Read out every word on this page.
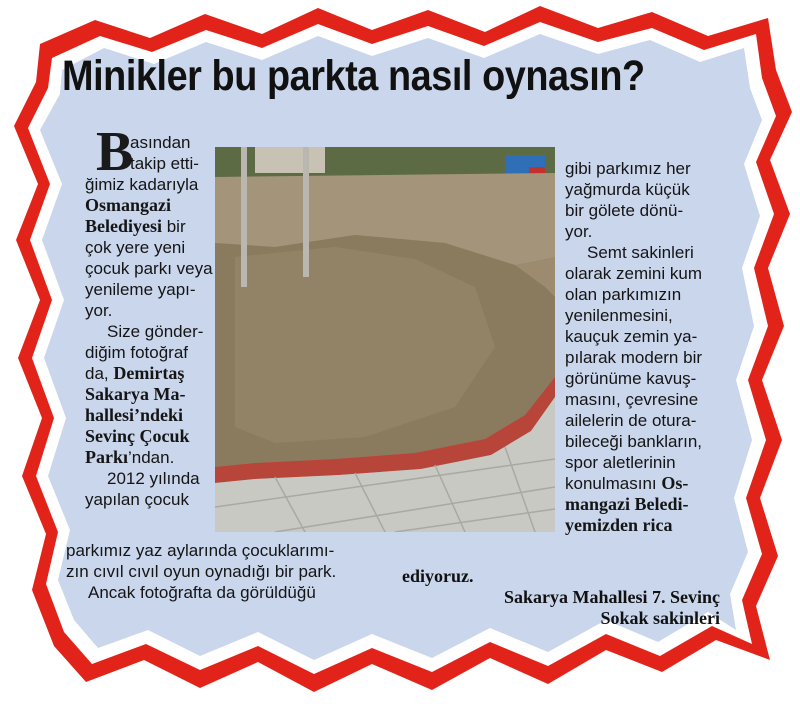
Minikler bu parkta nasıl oynasın?
B
asından
takip etti-
ğimiz kadarıyla
Osmangazi
Belediyesi bir
çok yere yeni
çocuk parkı veya
yenileme yapı-
yor.
Size gönder-
diğim fotoğraf
da, Demirtaş
Sakarya Ma-
hallesi’ndeki
Sevinç Çocuk
Parkı’ndan.
2012 yılında
yapılan çocuk
gibi parkımız her
yağmurda küçük
bir gölete dönü-
yor.
Semt sakinleri
olarak zemini kum
olan parkımızın
yenilenmesini,
kauçuk zemin ya-
pılarak modern bir
görünüme kavuş-
masını, çevresine
ailelerin de otura-
bileceği bankların,
spor aletlerinin
konulmasını Os-
mangazi Beledi-
yemizden rica
parkımız yaz aylarında çocuklarımı-
zın cıvıl cıvıl oyun oynadığı bir park.
Ancak fotoğrafta da görüldüğü
ediyoruz.
Sakarya Mahallesi 7. Sevinç
Sokak sakinleri
